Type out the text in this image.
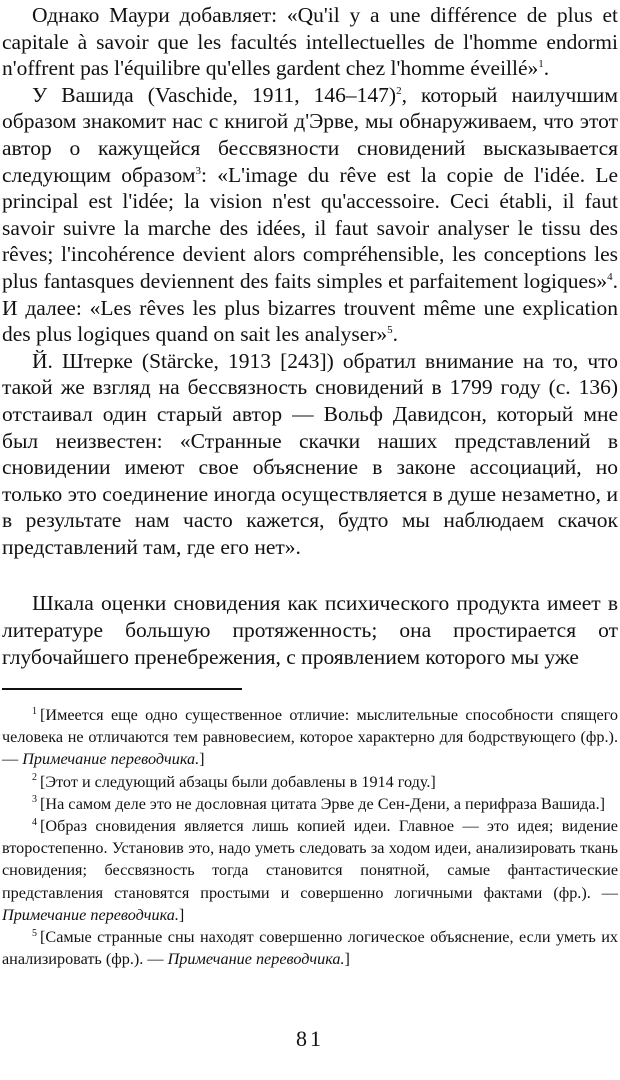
Однако Маури добавляет: «Qu'il y a une différence de plus et capitale à savoir que les facultés intellectuelles de l'homme endormi n'offrent pas l'équilibre qu'elles gardent chez l'homme éveillé»$^1$.

У Вашида (Vaschide, 1911, 146–147)$^2$, который наилучшим образом знакомит нас с книгой д'Эрве, мы обнаруживаем, что этот автор о кажущейся бессвязности сновидений высказывается следующим образом$^3$: «L'image du rêve est la copie de l'idée. Le principal est l'idée; la vision n'est qu'accessoire. Ceci établi, il faut savoir suivre la marche des idées, il faut savoir analyser le tissu des rêves; l'incohérence devient alors compréhensible, les conceptions les plus fantasques deviennent des faits simples et parfaitement logiques»$^4$. И далее: «Les rêves les plus bizarres trouvent même une explication des plus logiques quand on sait les analyser»$^5$.

Й. Штерке (Stärcke, 1913 [243]) обратил внимание на то, что такой же взгляд на бессвязность сновидений в 1799 году (с. 136) отстаивал один старый автор — Вольф Давидсон, который мне был неизвестен: «Странные скачки наших представлений в сновидении имеют свое объяснение в законе ассоциаций, но только это соединение иногда осуществляется в душе незаметно, и в результате нам часто кажется, будто мы наблюдаем скачок представлений там, где его нет».

Шкала оценки сновидения как психического продукта имеет в литературе большую протяженность; она простирается от глубочайшего пренебрежения, с проявлением которого мы уже

$^1$ [Имеется еще одно существенное отличие: мыслительные способности спящего человека не отличаются тем равновесием, которое характерно для бодрствующего (фр.). — Примечание переводчика.]

$^2$ [Этот и следующий абзацы были добавлены в 1914 году.]

$^3$ [На самом деле это не дословная цитата Эрве де Сен-Дени, а перифраза Вашида.]

$^4$ [Образ сновидения является лишь копией идеи. Главное — это идея; видение второстепенно. Установив это, надо уметь следовать за ходом идеи, анализировать ткань сновидения; бессвязность тогда становится понятной, самые фантастические представления становятся простыми и совершенно логичными фактами (фр.). — Примечание переводчика.]

$^5$ [Самые странные сны находят совершенно логическое объяснение, если уметь их анализировать (фр.). — Примечание переводчика.]

81
